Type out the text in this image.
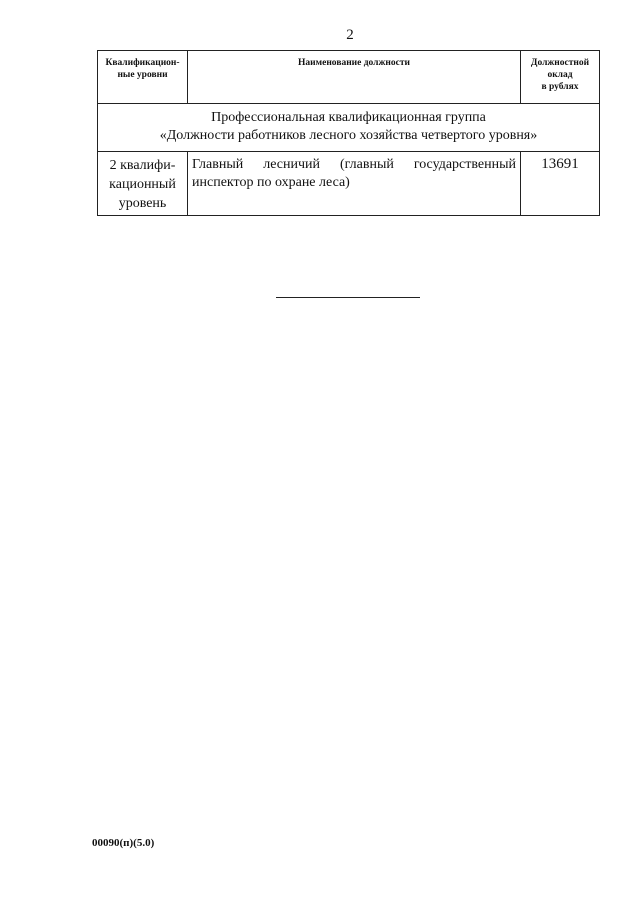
2
Квалификацион-
ные уровни	Наименование должности	Должностной
оклад
в рублях

Профессиональная квалификационная группа
«Должности работников лесного хозяйства четвертого уровня»		

2 квалифи-
кационный
уровень	Главный лесничий (главный государственный инспектор по охране леса)	13691
00090(п)(5.0)
